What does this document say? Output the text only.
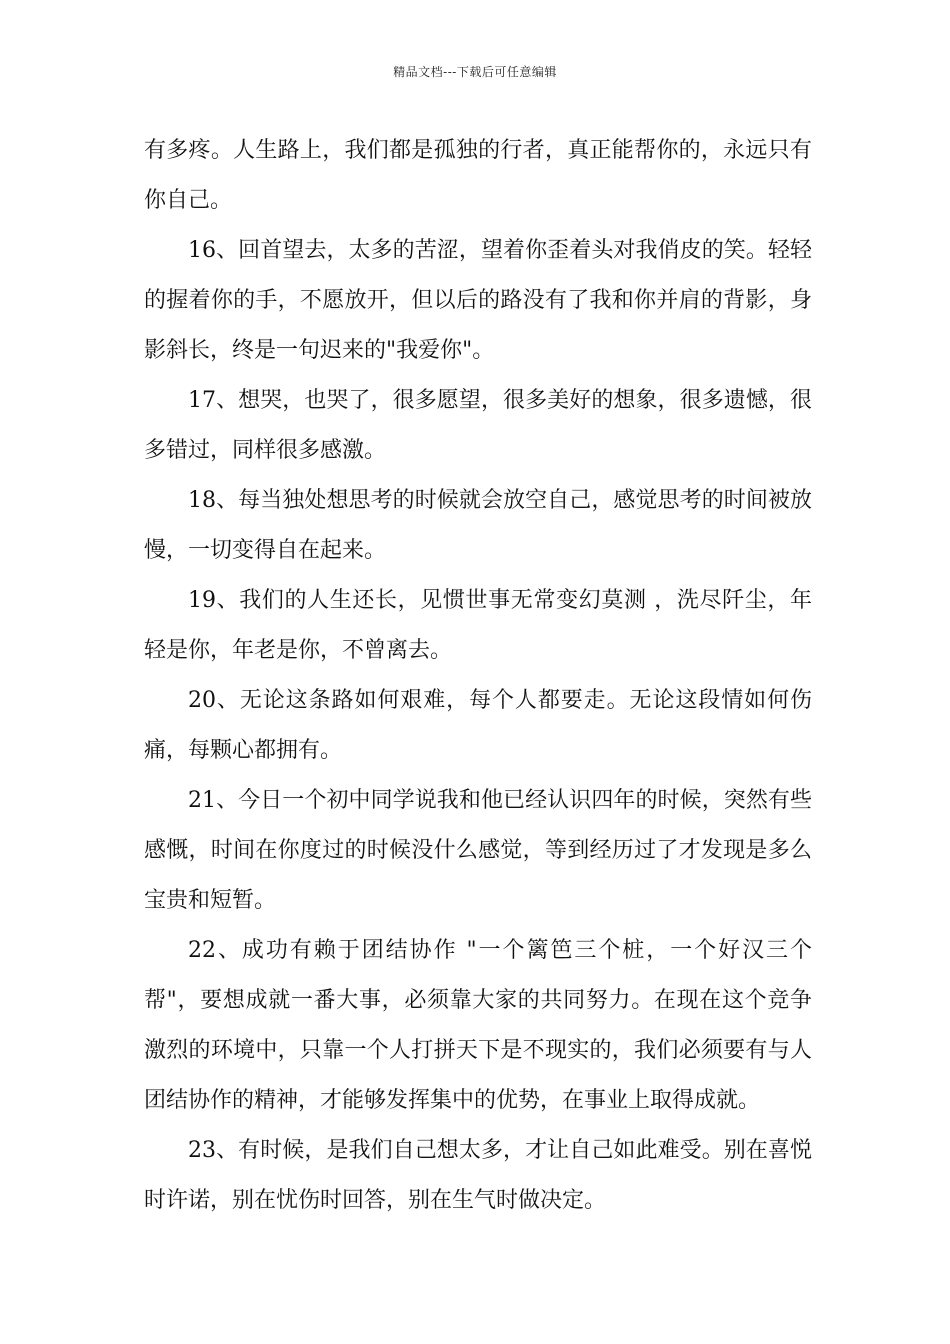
精品文档---下载后可任意编辑

有多疼。人生路上，我们都是孤独的行者，真正能帮你的，永远只有你自己。

16、回首望去，太多的苦涩，望着你歪着头对我俏皮的笑。轻轻的握着你的手，不愿放开，但以后的路没有了我和你并肩的背影，身影斜长，终是一句迟来的"我爱你"。

17、想哭，也哭了，很多愿望，很多美好的想象，很多遗憾，很多错过，同样很多感激。

18、每当独处想思考的时候就会放空自己，感觉思考的时间被放慢，一切变得自在起来。

19、我们的人生还长，见惯世事无常变幻莫测 ，洗尽阡尘，年轻是你，年老是你，不曾离去。

20、无论这条路如何艰难，每个人都要走。无论这段情如何伤痛，每颗心都拥有。

21、今日一个初中同学说我和他已经认识四年的时候，突然有些感慨，时间在你度过的时候没什么感觉，等到经历过了才发现是多么宝贵和短暂。

22、成功有赖于团结协作 "一个篱笆三个桩，一个好汉三个帮"，要想成就一番大事，必须靠大家的共同努力。在现在这个竞争激烈的环境中，只靠一个人打拼天下是不现实的，我们必须要有与人团结协作的精神，才能够发挥集中的优势，在事业上取得成就。

23、有时候，是我们自己想太多，才让自己如此难受。别在喜悦时许诺，别在忧伤时回答，别在生气时做决定。
